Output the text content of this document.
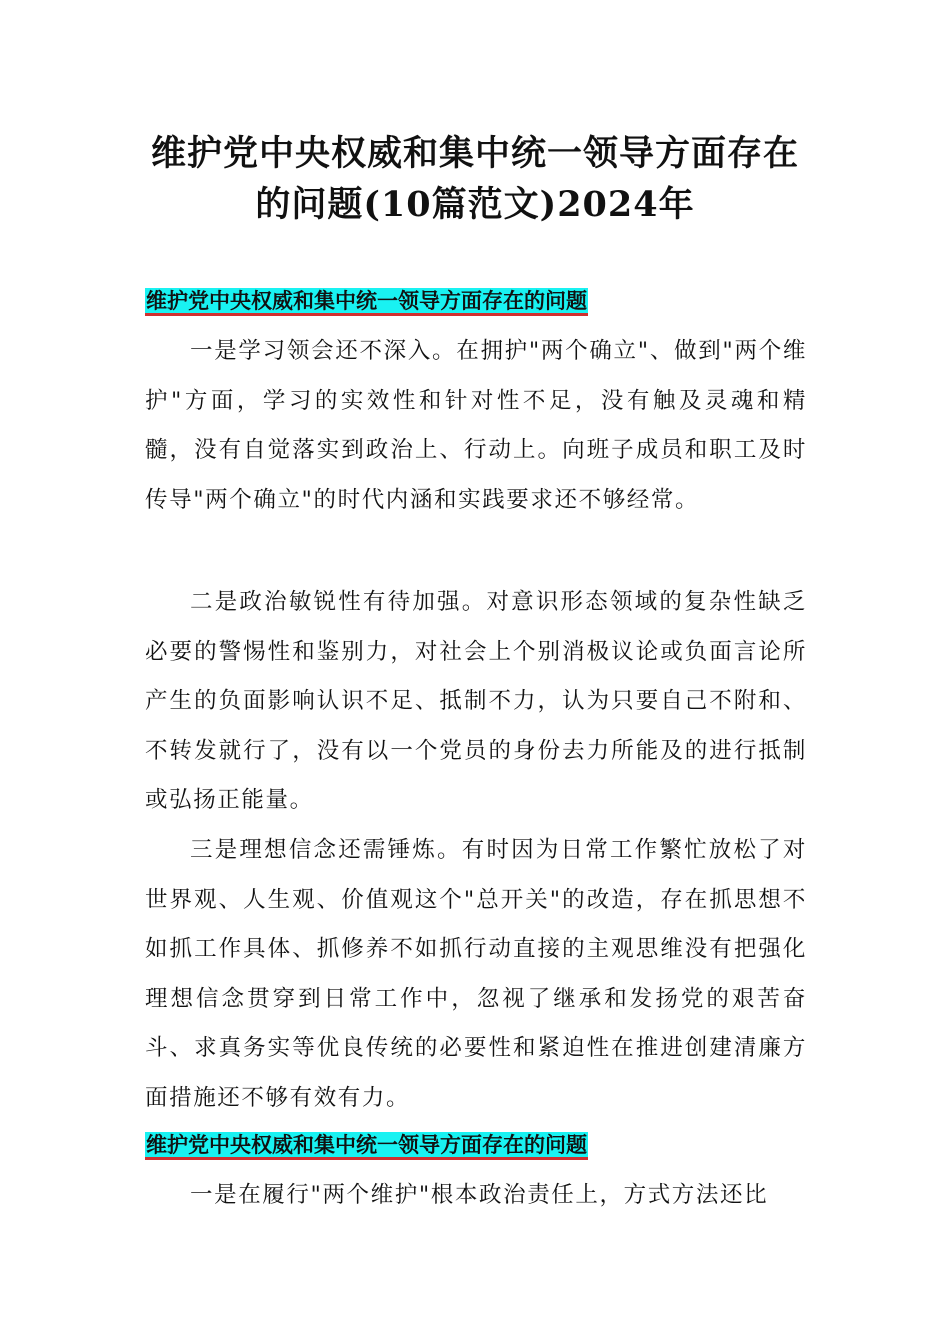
维护党中央权威和集中统一领导方面存在
的问题(10篇范文)2024年
维护党中央权威和集中统一领导方面存在的问题

一是学习领会还不深入。在拥护"两个确立"、做到"两个维护"方面，学习的实效性和针对性不足，没有触及灵魂和精髓，没有自觉落实到政治上、行动上。向班子成员和职工及时传导"两个确立"的时代内涵和实践要求还不够经常。

二是政治敏锐性有待加强。对意识形态领域的复杂性缺乏必要的警惕性和鉴别力，对社会上个别消极议论或负面言论所产生的负面影响认识不足、抵制不力，认为只要自己不附和、不转发就行了，没有以一个党员的身份去力所能及的进行抵制或弘扬正能量。

三是理想信念还需锤炼。有时因为日常工作繁忙放松了对世界观、人生观、价值观这个"总开关"的改造，存在抓思想不如抓工作具体、抓修养不如抓行动直接的主观思维没有把强化理想信念贯穿到日常工作中，忽视了继承和发扬党的艰苦奋斗、求真务实等优良传统的必要性和紧迫性在推进创建清廉方面措施还不够有效有力。

维护党中央权威和集中统一领导方面存在的问题

一是在履行"两个维护"根本政治责任上，方式方法还比
